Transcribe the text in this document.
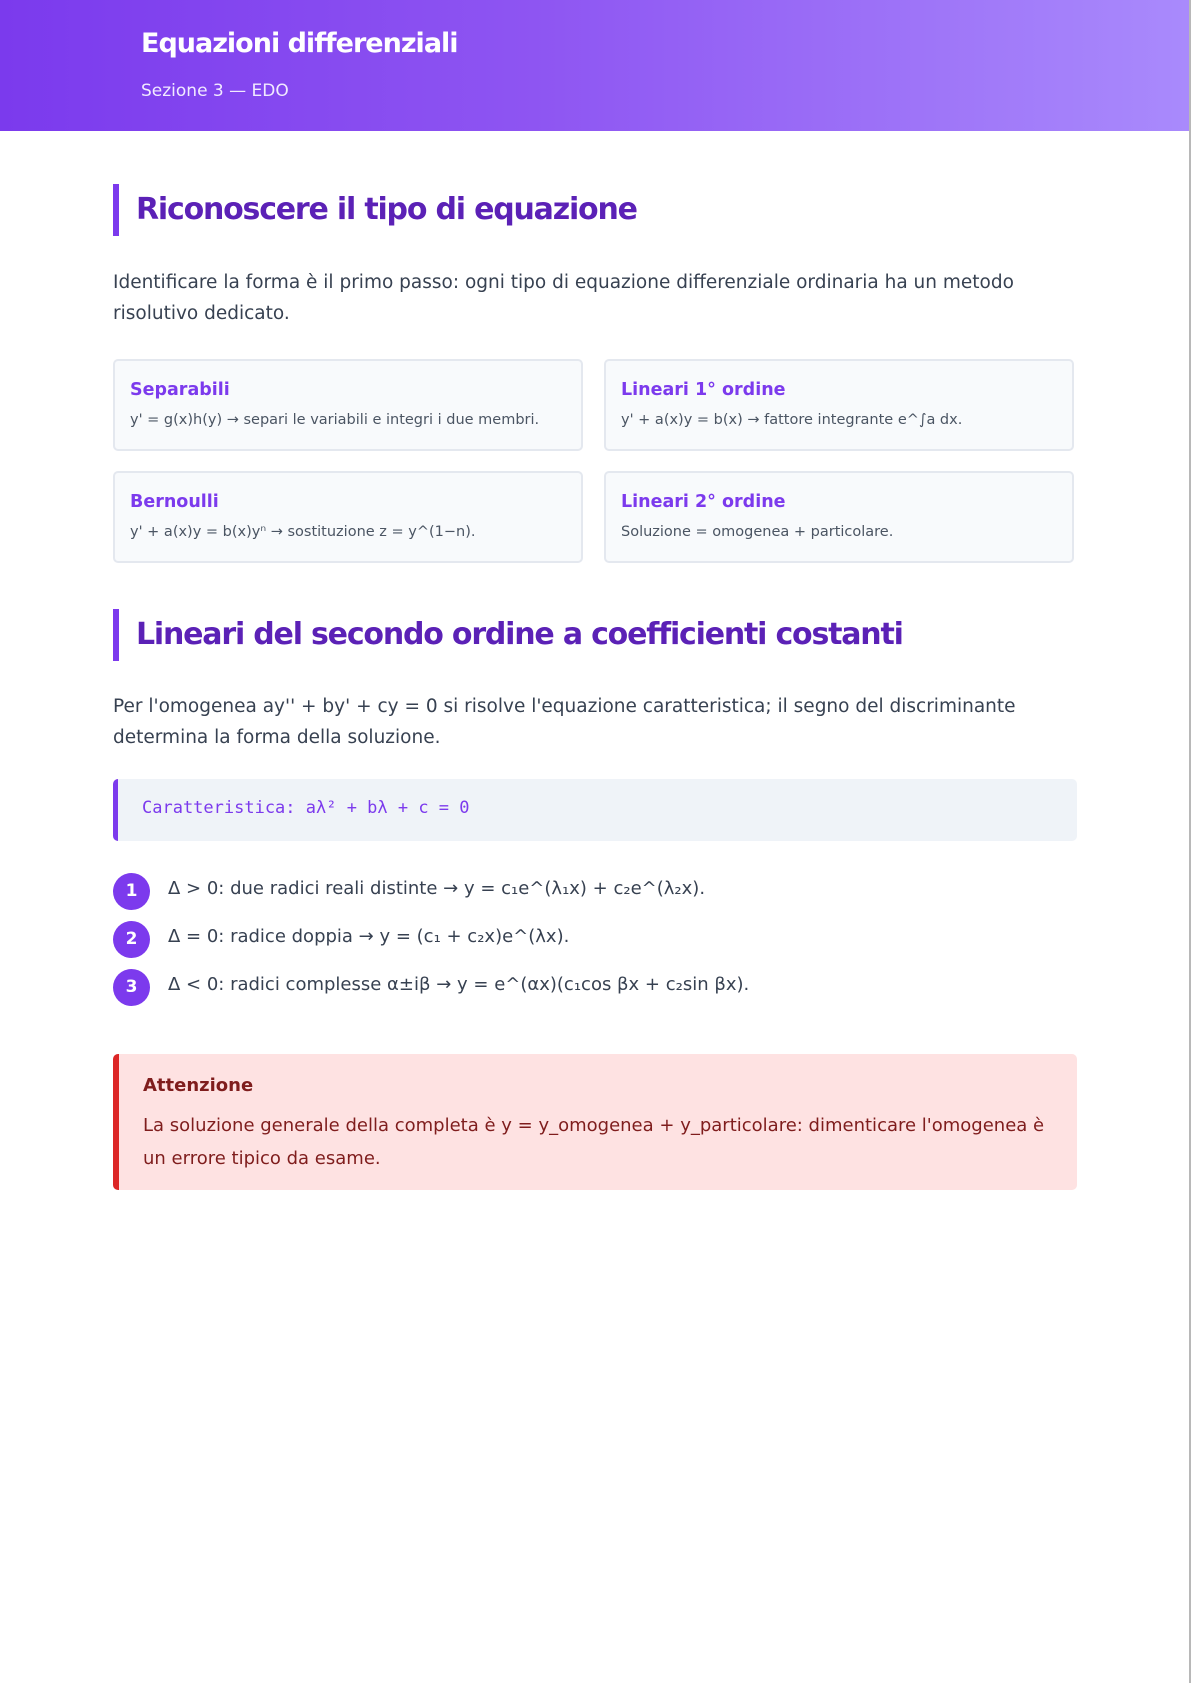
Equazioni differenziali
Sezione 3 — EDO
Riconoscere il tipo di equazione

Identificare la forma è il primo passo: ogni tipo di equazione differenziale ordinaria ha un metodo risolutivo dedicato.

Separabili
y' = g(x)h(y) → separi le variabili e integri i due membri.
Lineari 1° ordine
y' + a(x)y = b(x) → fattore integrante e^∫a dx.
Bernoulli
y' + a(x)y = b(x)yⁿ → sostituzione z = y^(1−n).
Lineari 2° ordine
Soluzione = omogenea + particolare.
Lineari del secondo ordine a coefficienti costanti

Per l'omogenea ay'' + by' + cy = 0 si risolve l'equazione caratteristica; il segno del discriminante determina la forma della soluzione.

Caratteristica: aλ² + bλ + c = 0
1	Δ > 0: due radici reali distinte → y = c₁e^(λ₁x) + c₂e^(λ₂x).
2	Δ = 0: radice doppia → y = (c₁ + c₂x)e^(λx).
3	Δ < 0: radici complesse α±iβ → y = e^(αx)(c₁cos βx + c₂sin βx).
Attenzione

La soluzione generale della completa è y = y_omogenea + y_particolare: dimenticare l'omogenea è un errore tipico da esame.
